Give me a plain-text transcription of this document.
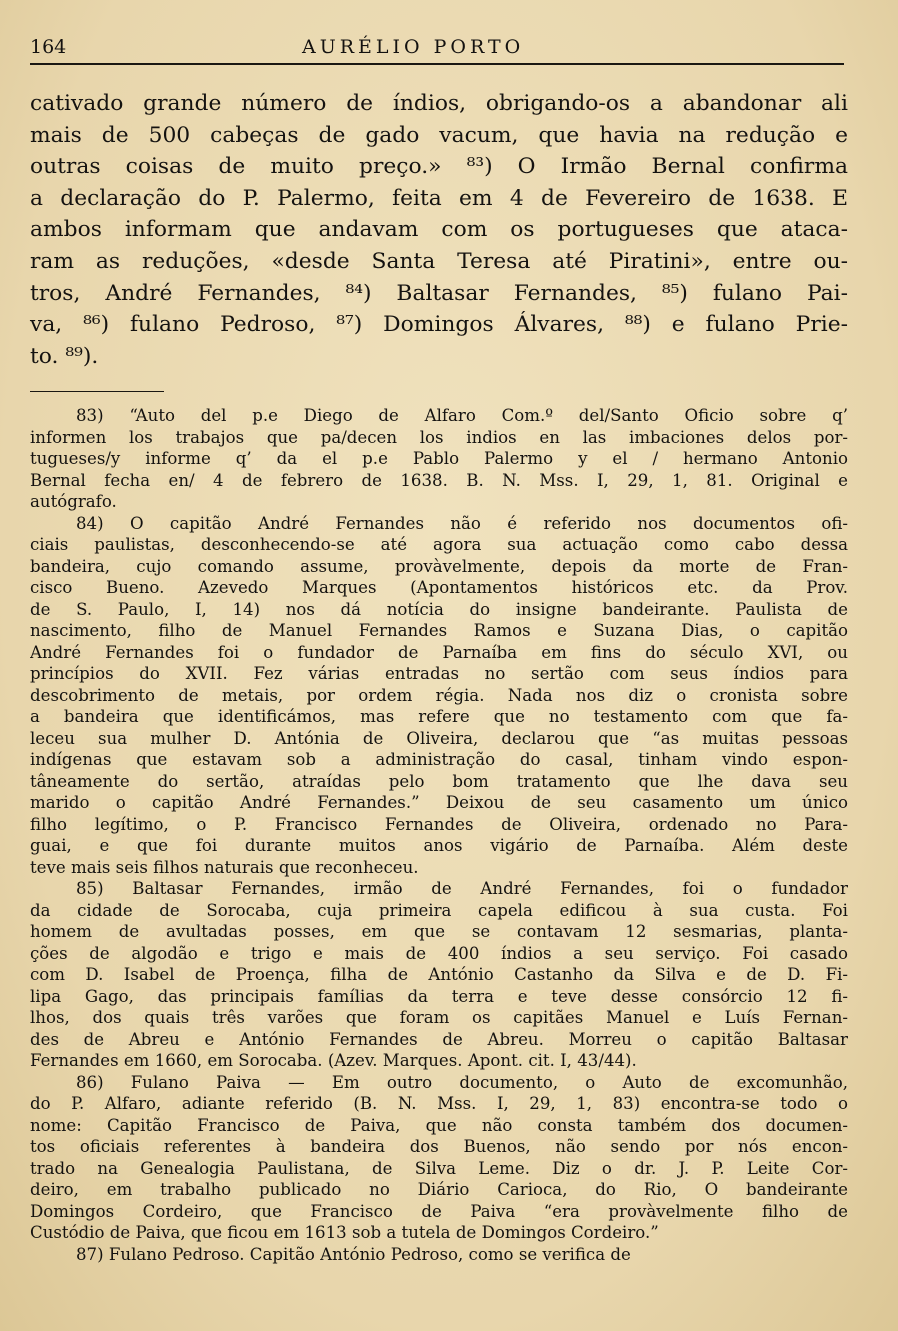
164	AURÉLIO PORTO

cativado grande número de índios, obrigando-os a abandonar ali

mais de 500 cabeças de gado vacum, que havia na redução e

outras coisas de muito preço.» ⁸³) O Irmão Bernal confirma

a declaração do P. Palermo, feita em 4 de Fevereiro de 1638. E

ambos informam que andavam com os portugueses que ataca-

ram as reduções, «desde Santa Teresa até Piratini», entre ou-

tros, André Fernandes, ⁸⁴) Baltasar Fernandes, ⁸⁵) fulano Pai-

va, ⁸⁶) fulano Pedroso, ⁸⁷) Domingos Álvares, ⁸⁸) e fulano Prie-

to. ⁸⁹).

83) “Auto del p.e Diego de Alfaro Com.º del/Santo Oficio sobre q’

informen los trabajos que pa/decen los indios en las imbaciones delos por-

tugueses/y informe q’ da el p.e Pablo Palermo y el / hermano Antonio

Bernal fecha en/ 4 de febrero de 1638. B. N. Mss. I, 29, 1, 81. Original e

autógrafo.

84) O capitão André Fernandes não é referido nos documentos ofi-

ciais paulistas, desconhecendo-se até agora sua actuação como cabo dessa

bandeira, cujo comando assume, provàvelmente, depois da morte de Fran-

cisco Bueno. Azevedo Marques (Apontamentos históricos etc. da Prov.

de S. Paulo, I, 14) nos dá notícia do insigne bandeirante. Paulista de

nascimento, filho de Manuel Fernandes Ramos e Suzana Dias, o capitão

André Fernandes foi o fundador de Parnaíba em fins do século XVI, ou

princípios do XVII. Fez várias entradas no sertão com seus índios para

descobrimento de metais, por ordem régia. Nada nos diz o cronista sobre

a bandeira que identificámos, mas refere que no testamento com que fa-

leceu sua mulher D. Antónia de Oliveira, declarou que “as muitas pessoas

indígenas que estavam sob a administração do casal, tinham vindo espon-

tâneamente do sertão, atraídas pelo bom tratamento que lhe dava seu

marido o capitão André Fernandes.” Deixou de seu casamento um único

filho legítimo, o P. Francisco Fernandes de Oliveira, ordenado no Para-

guai, e que foi durante muitos anos vigário de Parnaíba. Além deste

teve mais seis filhos naturais que reconheceu.

85) Baltasar Fernandes, irmão de André Fernandes, foi o fundador

da cidade de Sorocaba, cuja primeira capela edificou à sua custa. Foi

homem de avultadas posses, em que se contavam 12 sesmarias, planta-

ções de algodão e trigo e mais de 400 índios a seu serviço. Foi casado

com D. Isabel de Proença, filha de António Castanho da Silva e de D. Fi-

lipa Gago, das principais famílias da terra e teve desse consórcio 12 fi-

lhos, dos quais três varões que foram os capitães Manuel e Luís Fernan-

des de Abreu e António Fernandes de Abreu. Morreu o capitão Baltasar

Fernandes em 1660, em Sorocaba. (Azev. Marques. Apont. cit. I, 43/44).

86) Fulano Paiva — Em outro documento, o Auto de excomunhão,

do P. Alfaro, adiante referido (B. N. Mss. I, 29, 1, 83) encontra-se todo o

nome: Capitão Francisco de Paiva, que não consta também dos documen-

tos oficiais referentes à bandeira dos Buenos, não sendo por nós encon-

trado na Genealogia Paulistana, de Silva Leme. Diz o dr. J. P. Leite Cor-

deiro, em trabalho publicado no Diário Carioca, do Rio, O bandeirante

Domingos Cordeiro, que Francisco de Paiva “era provàvelmente filho de

Custódio de Paiva, que ficou em 1613 sob a tutela de Domingos Cordeiro.”

87) Fulano Pedroso. Capitão António Pedroso, como se verifica de
